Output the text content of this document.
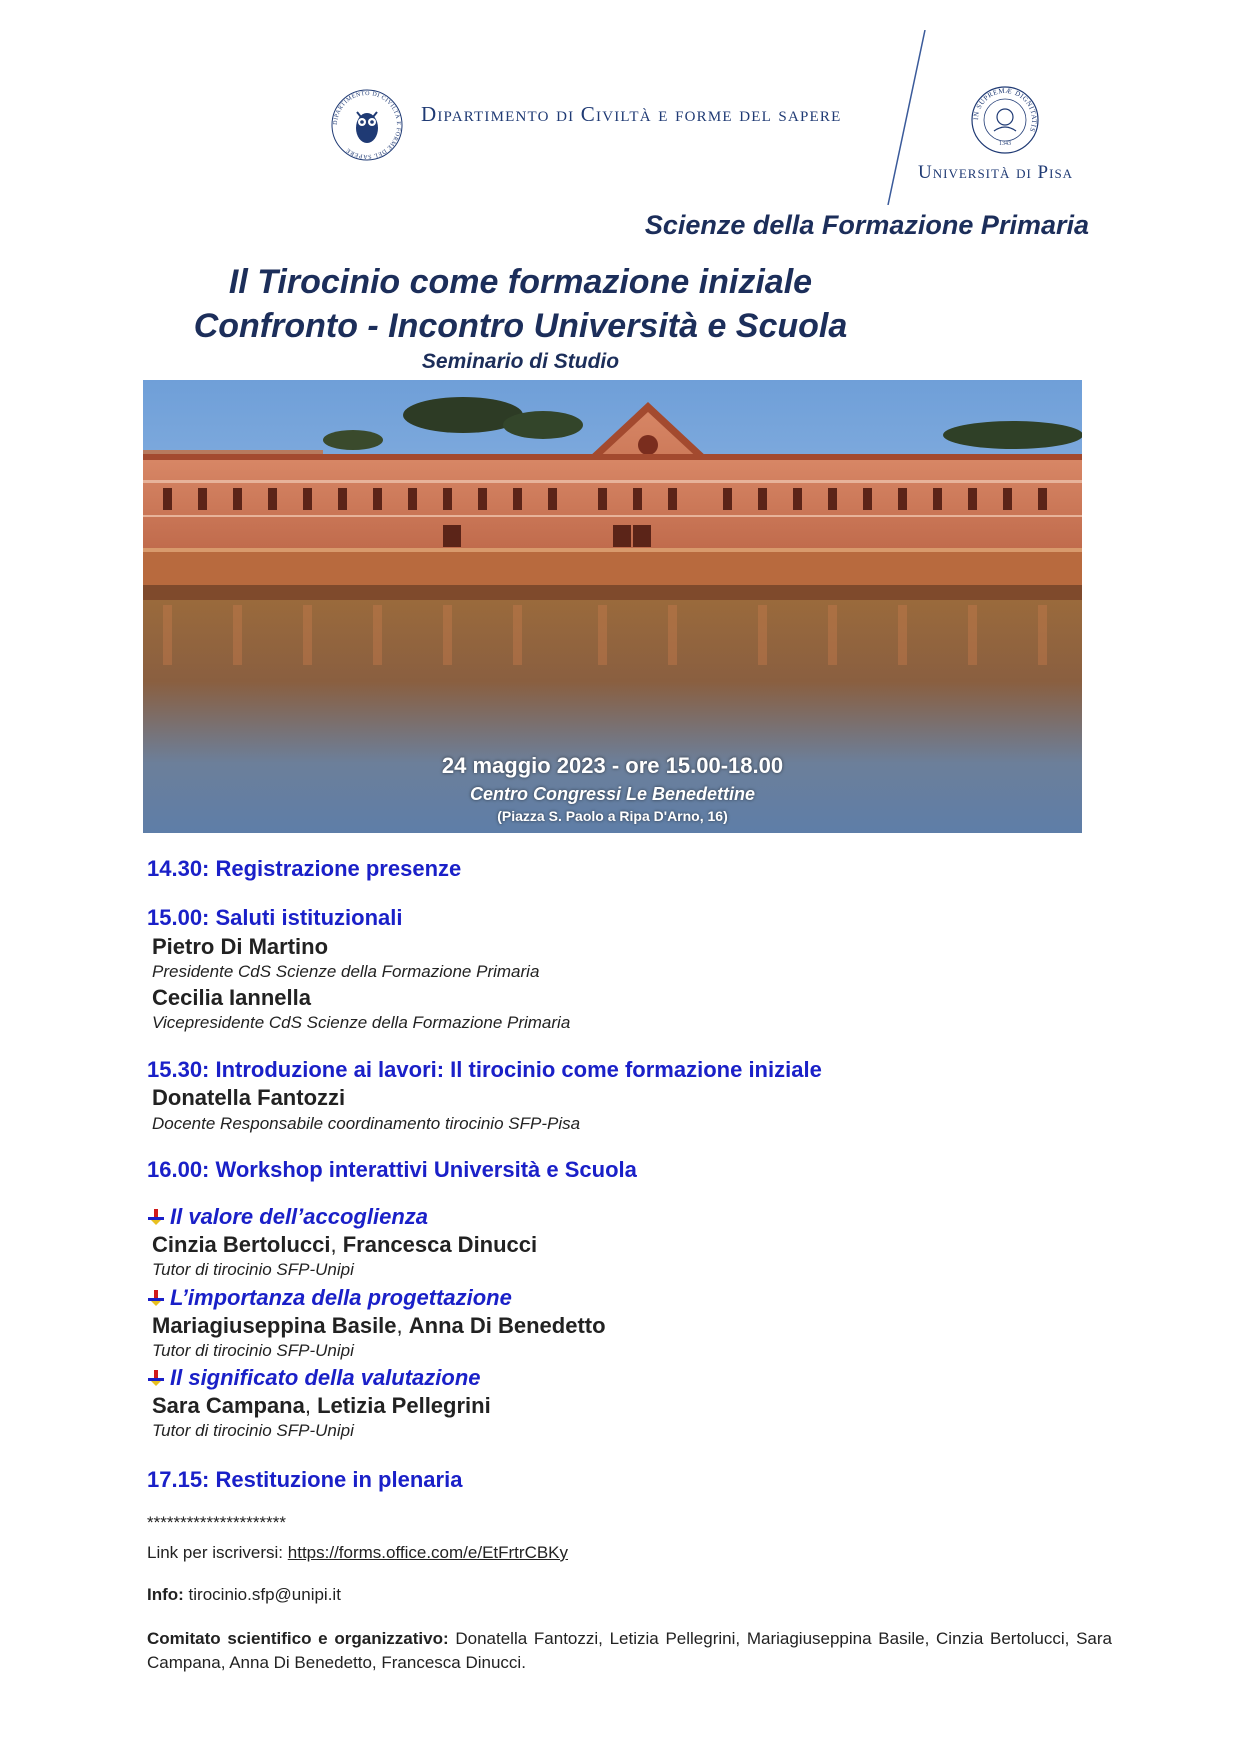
DIPARTIMENTO DI CIVILTÀ E FORME DEL SAPERE
Dipartimento di Civiltà e forme del sapere	IN SUPREMÆ DIGNITATIS
1343
Università di Pisa
Scienze della Formazione Primaria
Il Tirocinio come formazione iniziale
Confronto - Incontro Università e Scuola
Seminario di Studio
24 maggio 2023 - ore 15.00-18.00
Centro Congressi Le Benedettine
(Piazza S. Paolo a Ripa D'Arno, 16)
14.30: Registrazione presenze
15.00: Saluti istituzionali
Pietro Di Martino
Presidente CdS Scienze della Formazione Primaria
Cecilia Iannella
Vicepresidente CdS Scienze della Formazione Primaria
15.30: Introduzione ai lavori: Il tirocinio come formazione iniziale
Donatella Fantozzi
Docente Responsabile coordinamento tirocinio SFP-Pisa
16.00: Workshop interattivi Università e Scuola
Il valore dell’accoglienza
Cinzia Bertolucci, Francesca Dinucci
Tutor di tirocinio SFP-Unipi
L’importanza della progettazione
Mariagiuseppina Basile, Anna Di Benedetto
Tutor di tirocinio SFP-Unipi
Il significato della valutazione
Sara Campana, Letizia Pellegrini
Tutor di tirocinio SFP-Unipi
17.15: Restituzione in plenaria
*********************
Link per iscriversi: https://forms.office.com/e/EtFrtrCBKy
Info: tirocinio.sfp@unipi.it
Comitato scientifico e organizzativo: Donatella Fantozzi, Letizia Pellegrini, Mariagiuseppina Basile, Cinzia Bertolucci, Sara Campana, Anna Di Benedetto, Francesca Dinucci.
